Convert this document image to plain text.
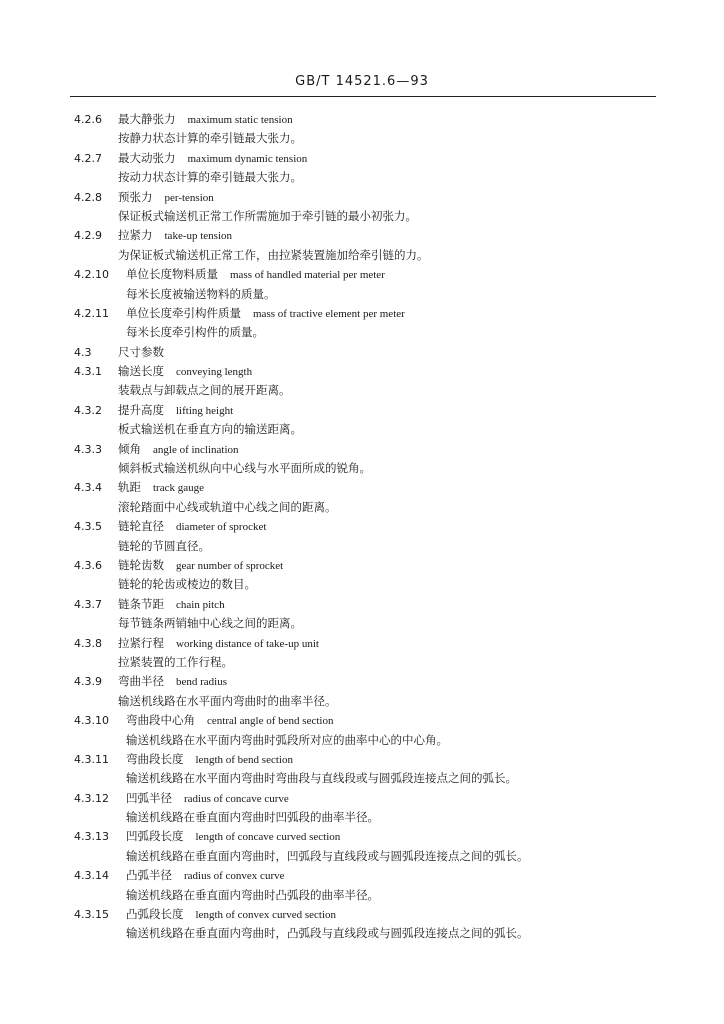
GB/T 14521.6—93
4.2.6 最大静张力 maximum static tension
按静力状态计算的牵引链最大张力。
4.2.7 最大动张力 maximum dynamic tension
按动力状态计算的牵引链最大张力。
4.2.8 预张力 per-tension
保证板式输送机正常工作所需施加于牵引链的最小初张力。
4.2.9 拉紧力 take-up tension
为保证板式输送机正常工作，由拉紧装置施加给牵引链的力。
4.2.10 单位长度物料质量 mass of handled material per meter
每米长度被输送物料的质量。
4.2.11 单位长度牵引构件质量 mass of tractive element per meter
每米长度牵引构件的质量。
4.3 尺寸参数
4.3.1 输送长度 conveying length
装载点与卸载点之间的展开距离。
4.3.2 提升高度 lifting height
板式输送机在垂直方向的输送距离。
4.3.3 倾角 angle of inclination
倾斜板式输送机纵向中心线与水平面所成的锐角。
4.3.4 轨距 track gauge
滚轮踏面中心线或轨道中心线之间的距离。
4.3.5 链轮直径 diameter of sprocket
链轮的节圆直径。
4.3.6 链轮齿数 gear number of sprocket
链轮的轮齿或棱边的数目。
4.3.7 链条节距 chain pitch
每节链条两销轴中心线之间的距离。
4.3.8 拉紧行程 working distance of take-up unit
拉紧装置的工作行程。
4.3.9 弯曲半径 bend radius
输送机线路在水平面内弯曲时的曲率半径。
4.3.10 弯曲段中心角 central angle of bend section
输送机线路在水平面内弯曲时弧段所对应的曲率中心的中心角。
4.3.11 弯曲段长度 length of bend section
输送机线路在水平面内弯曲时弯曲段与直线段或与圆弧段连接点之间的弧长。
4.3.12 凹弧半径 radius of concave curve
输送机线路在垂直面内弯曲时凹弧段的曲率半径。
4.3.13 凹弧段长度 length of concave curved section
输送机线路在垂直面内弯曲时，凹弧段与直线段或与圆弧段连接点之间的弧长。
4.3.14 凸弧半径 radius of convex curve
输送机线路在垂直面内弯曲时凸弧段的曲率半径。
4.3.15 凸弧段长度 length of convex curved section
输送机线路在垂直面内弯曲时，凸弧段与直线段或与圆弧段连接点之间的弧长。
